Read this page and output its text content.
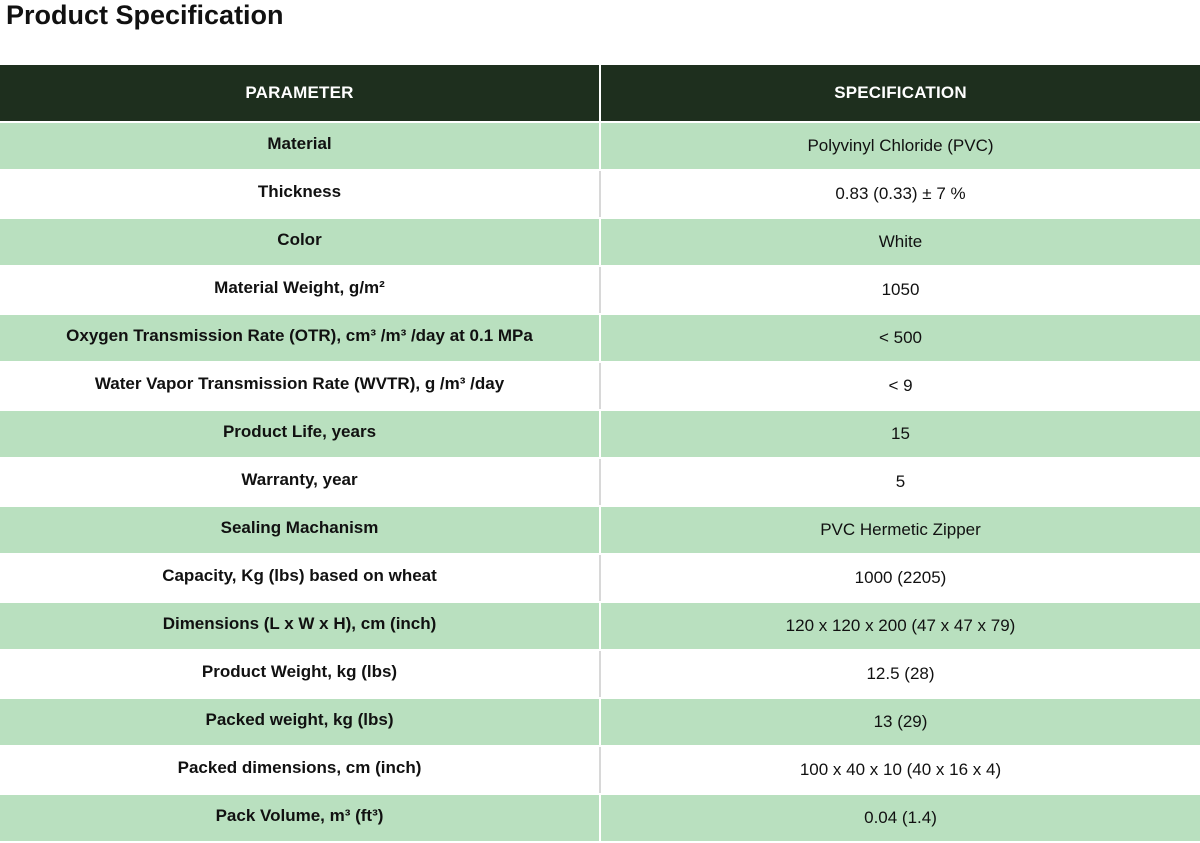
Product Specification
PARAMETER	SPECIFICATION
Material	Polyvinyl Chloride (PVC)
Thickness	0.83 (0.33) ± 7 %
Color	White
Material Weight, g/m²	1050
Oxygen Transmission Rate (OTR), cm³ /m³ /day at 0.1 MPa	< 500
Water Vapor Transmission Rate (WVTR), g /m³ /day	< 9
Product Life, years	15
Warranty, year	5
Sealing Machanism	PVC Hermetic Zipper
Capacity, Kg (lbs) based on wheat	1000 (2205)
Dimensions (L x W x H), cm (inch)	120 x 120 x 200 (47 x 47 x 79)
Product Weight, kg (lbs)	12.5 (28)
Packed weight, kg (lbs)	13 (29)
Packed dimensions, cm (inch)	100 x 40 x 10 (40 x 16 x 4)
Pack Volume, m³ (ft³)	0.04 (1.4)
